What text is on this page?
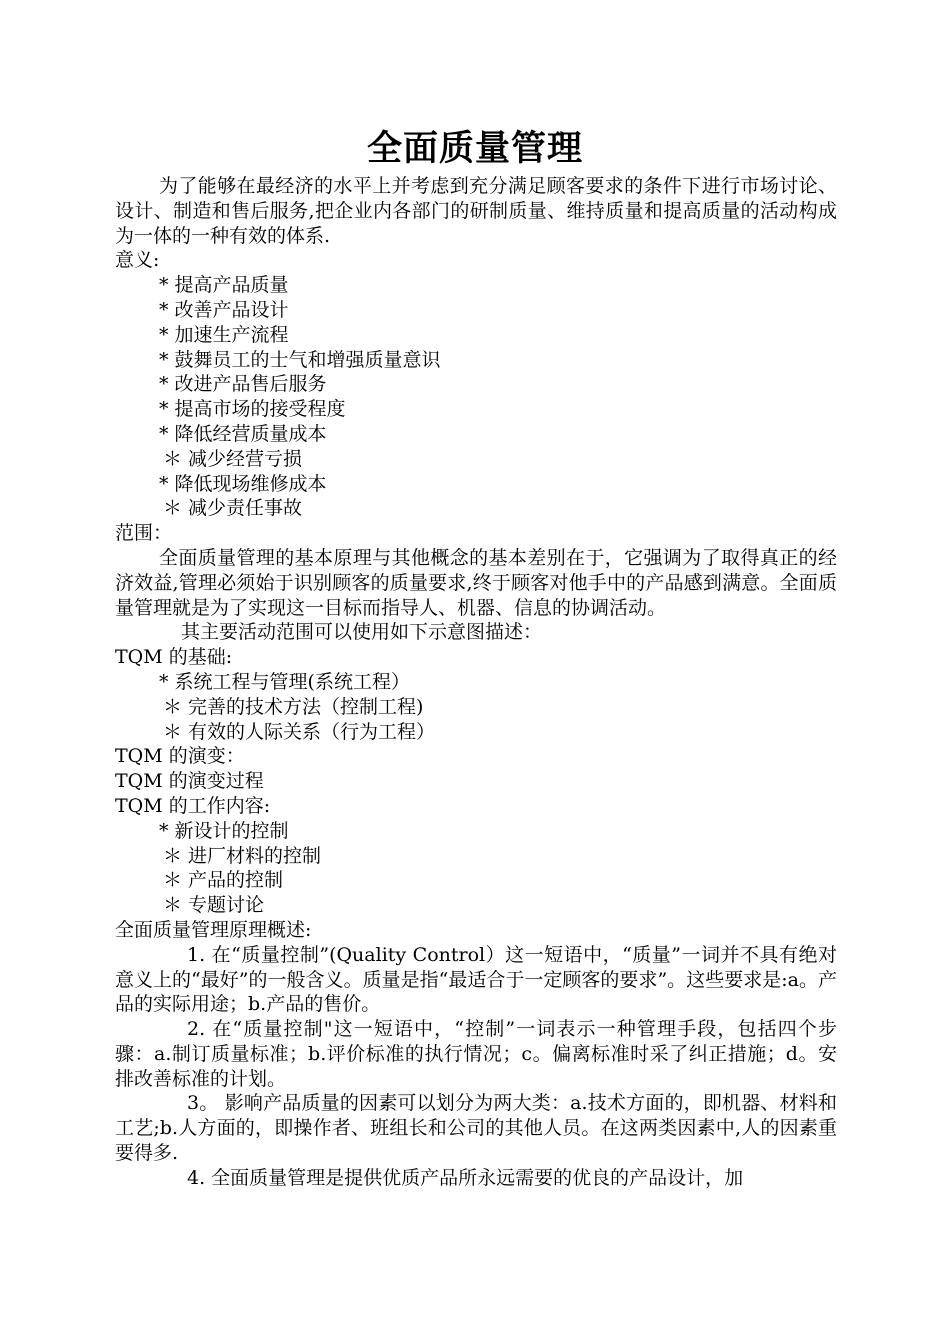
全面质量管理

为了能够在最经济的水平上并考虑到充分满足顾客要求的条件下进行市场讨论、设计、制造和售后服务,把企业内各部门的研制质量、维持质量和提高质量的活动构成为一体的一种有效的体系.

意义:

* 提高产品质量

* 改善产品设计

* 加速生产流程

* 鼓舞员工的士气和增强质量意识

* 改进产品售后服务

* 提高市场的接受程度

* 降低经营质量成本

＊ 减少经营亏损

* 降低现场维修成本

＊ 减少责任事故

范围：

全面质量管理的基本原理与其他概念的基本差别在于，它强调为了取得真正的经济效益,管理必须始于识别顾客的质量要求,终于顾客对他手中的产品感到满意。全面质量管理就是为了实现这一目标而指导人、机器、信息的协调活动。

其主要活动范围可以使用如下示意图描述：

TQM 的基础:

* 系统工程与管理(系统工程）

＊ 完善的技术方法（控制工程)

＊ 有效的人际关系（行为工程）

TQM 的演变：

TQM 的演变过程

TQM 的工作内容:

* 新设计的控制

＊ 进厂材料的控制

＊ 产品的控制

＊ 专题讨论

全面质量管理原理概述:

1. 在“质量控制”(Quality Control）这一短语中，“质量”一词并不具有绝对意义上的“最好”的一般含义。质量是指“最适合于一定顾客的要求”。这些要求是:a。产品的实际用途；b.产品的售价。

2. 在“质量控制"这一短语中，“控制”一词表示一种管理手段，包括四个步骤：a.制订质量标准；b.评价标准的执行情况；c。偏离标准时采了纠正措施；d。安排改善标准的计划。

3。 影响产品质量的因素可以划分为两大类：a.技术方面的，即机器、材料和工艺;b.人方面的，即操作者、班组长和公司的其他人员。在这两类因素中,人的因素重要得多.

4. 全面质量管理是提供优质产品所永远需要的优良的产品设计，加
